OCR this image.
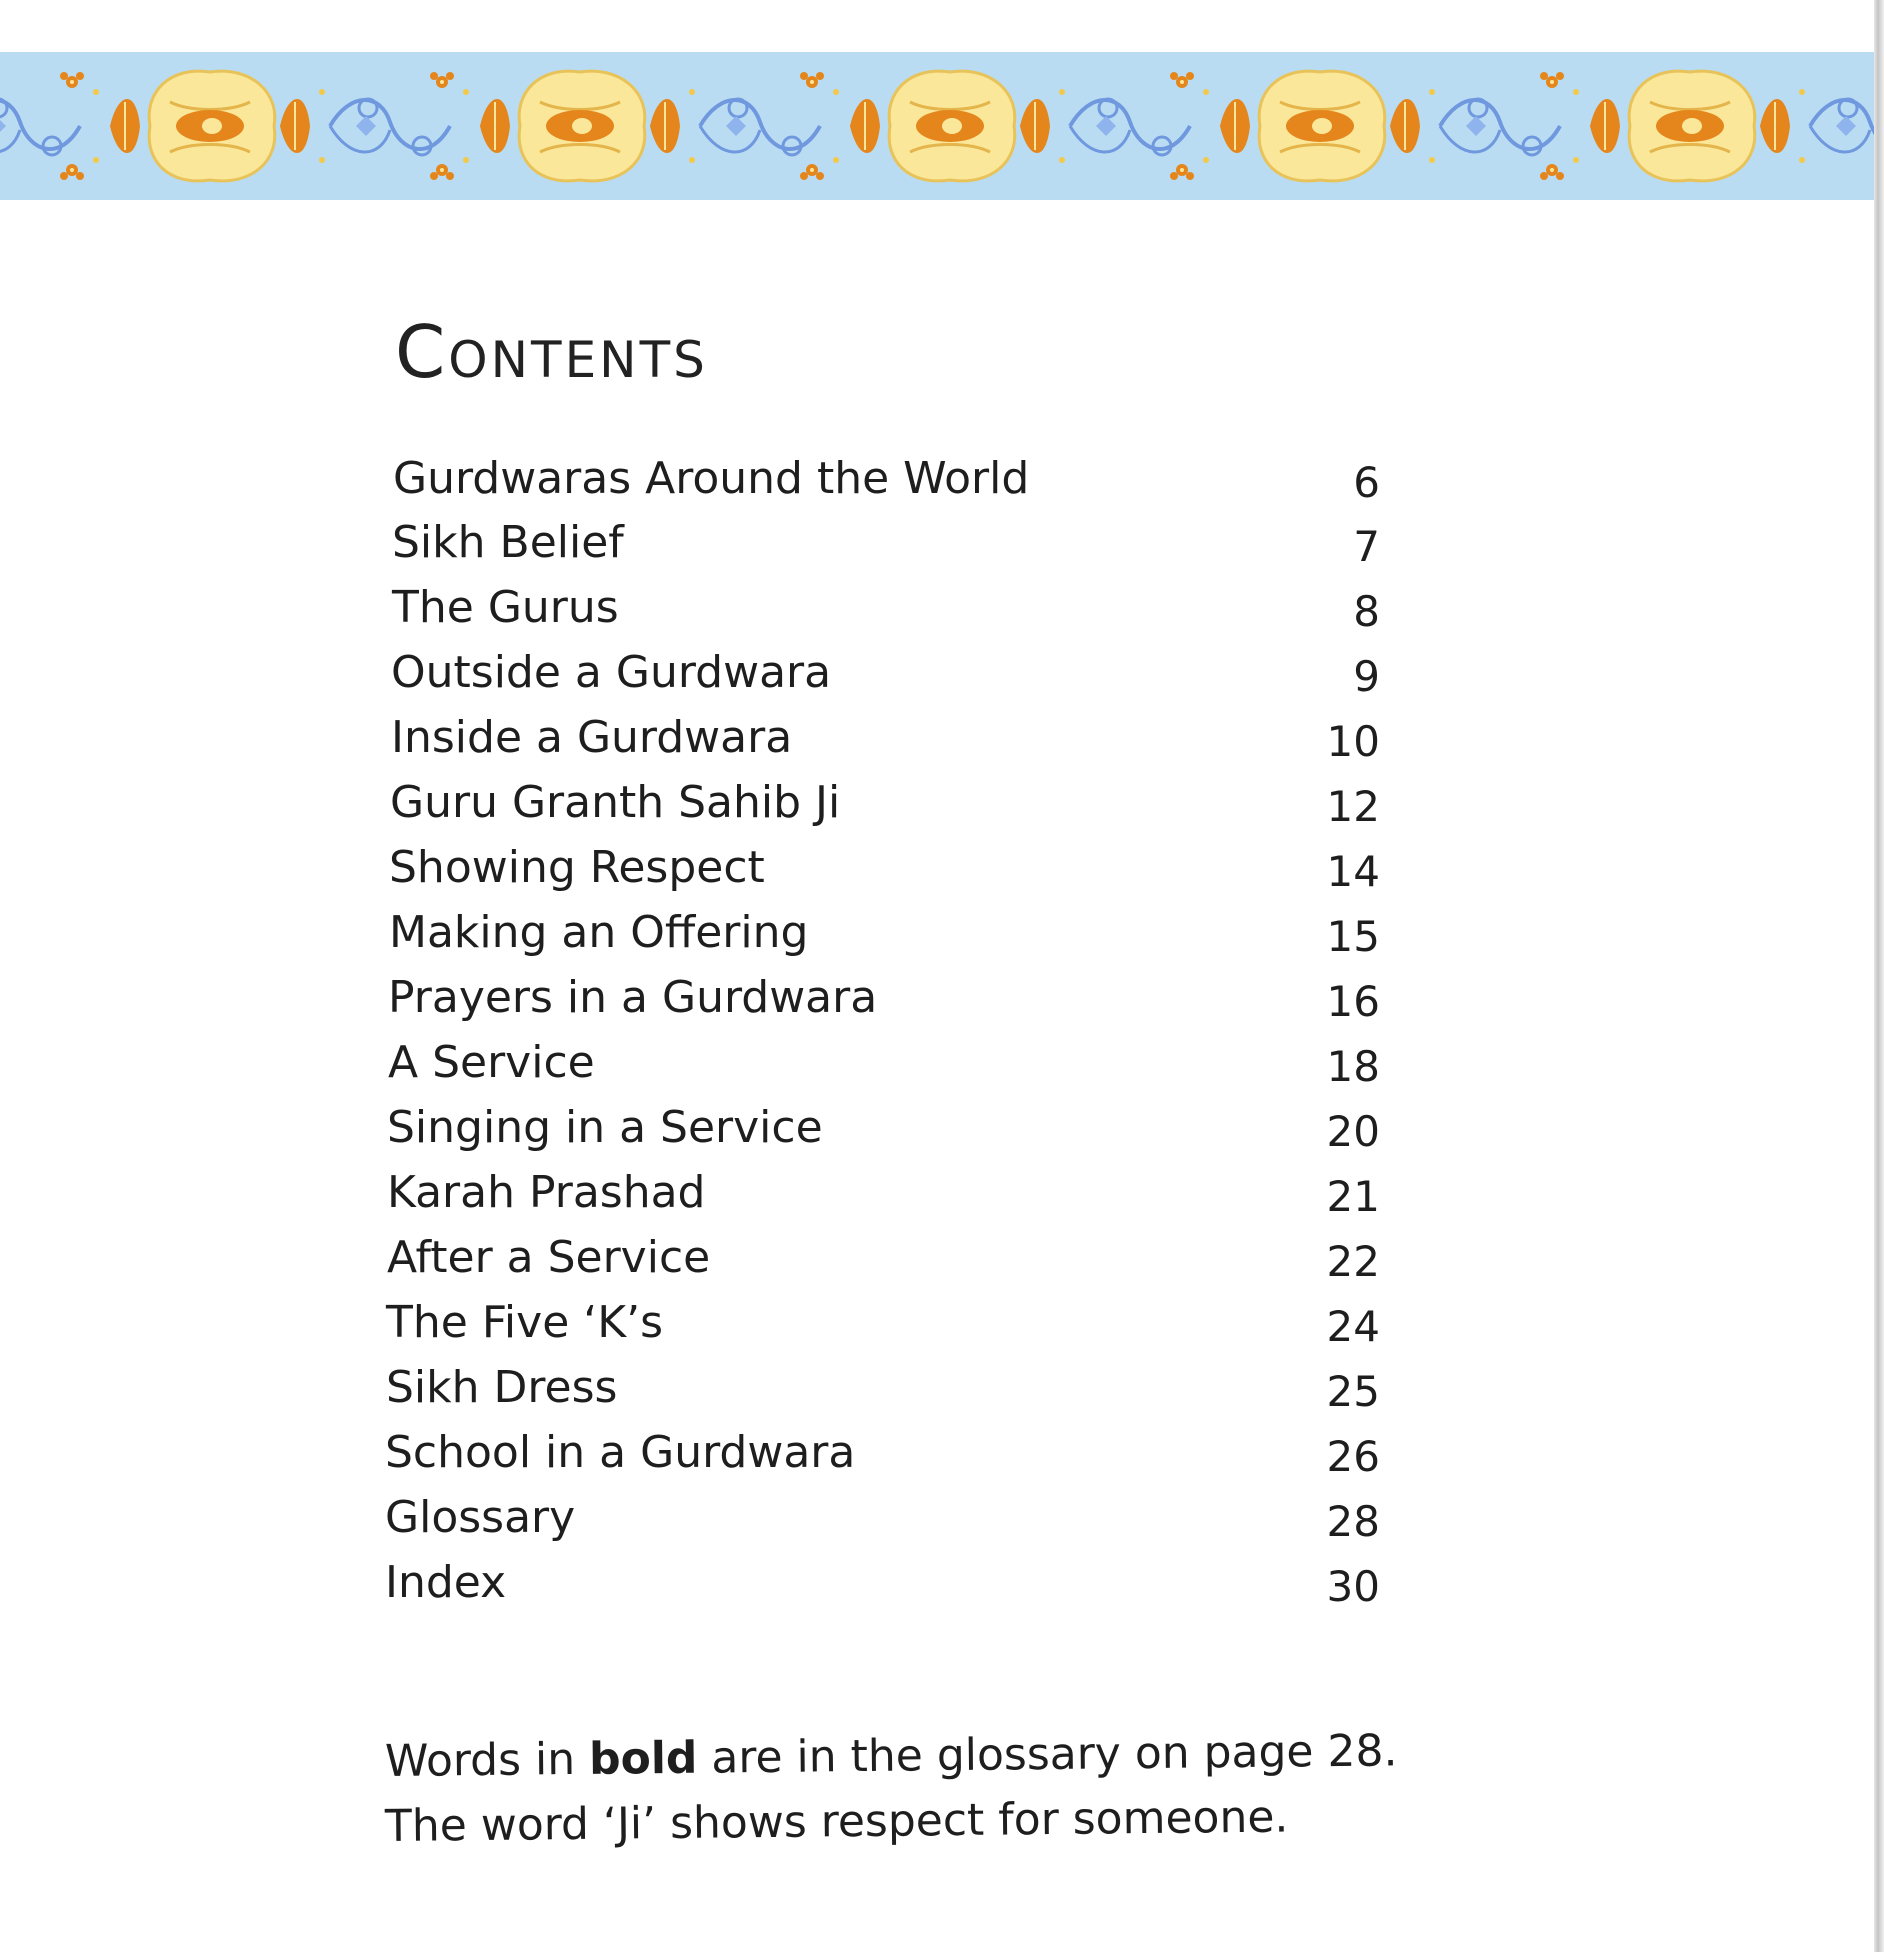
Contents
Gurdwaras Around the World	6
Sikh Belief	7
The Gurus	8
Outside a Gurdwara	9
Inside a Gurdwara	10
Guru Granth Sahib Ji	12
Showing Respect	14
Making an Offering	15
Prayers in a Gurdwara	16
A Service	18
Singing in a Service	20
Karah Prashad	21
After a Service	22
The Five ‘K’s	24
Sikh Dress	25
School in a Gurdwara	26
Glossary	28
Index	30
Words in bold are in the glossary on page 28.
The word ‘Ji’ shows respect for someone.
